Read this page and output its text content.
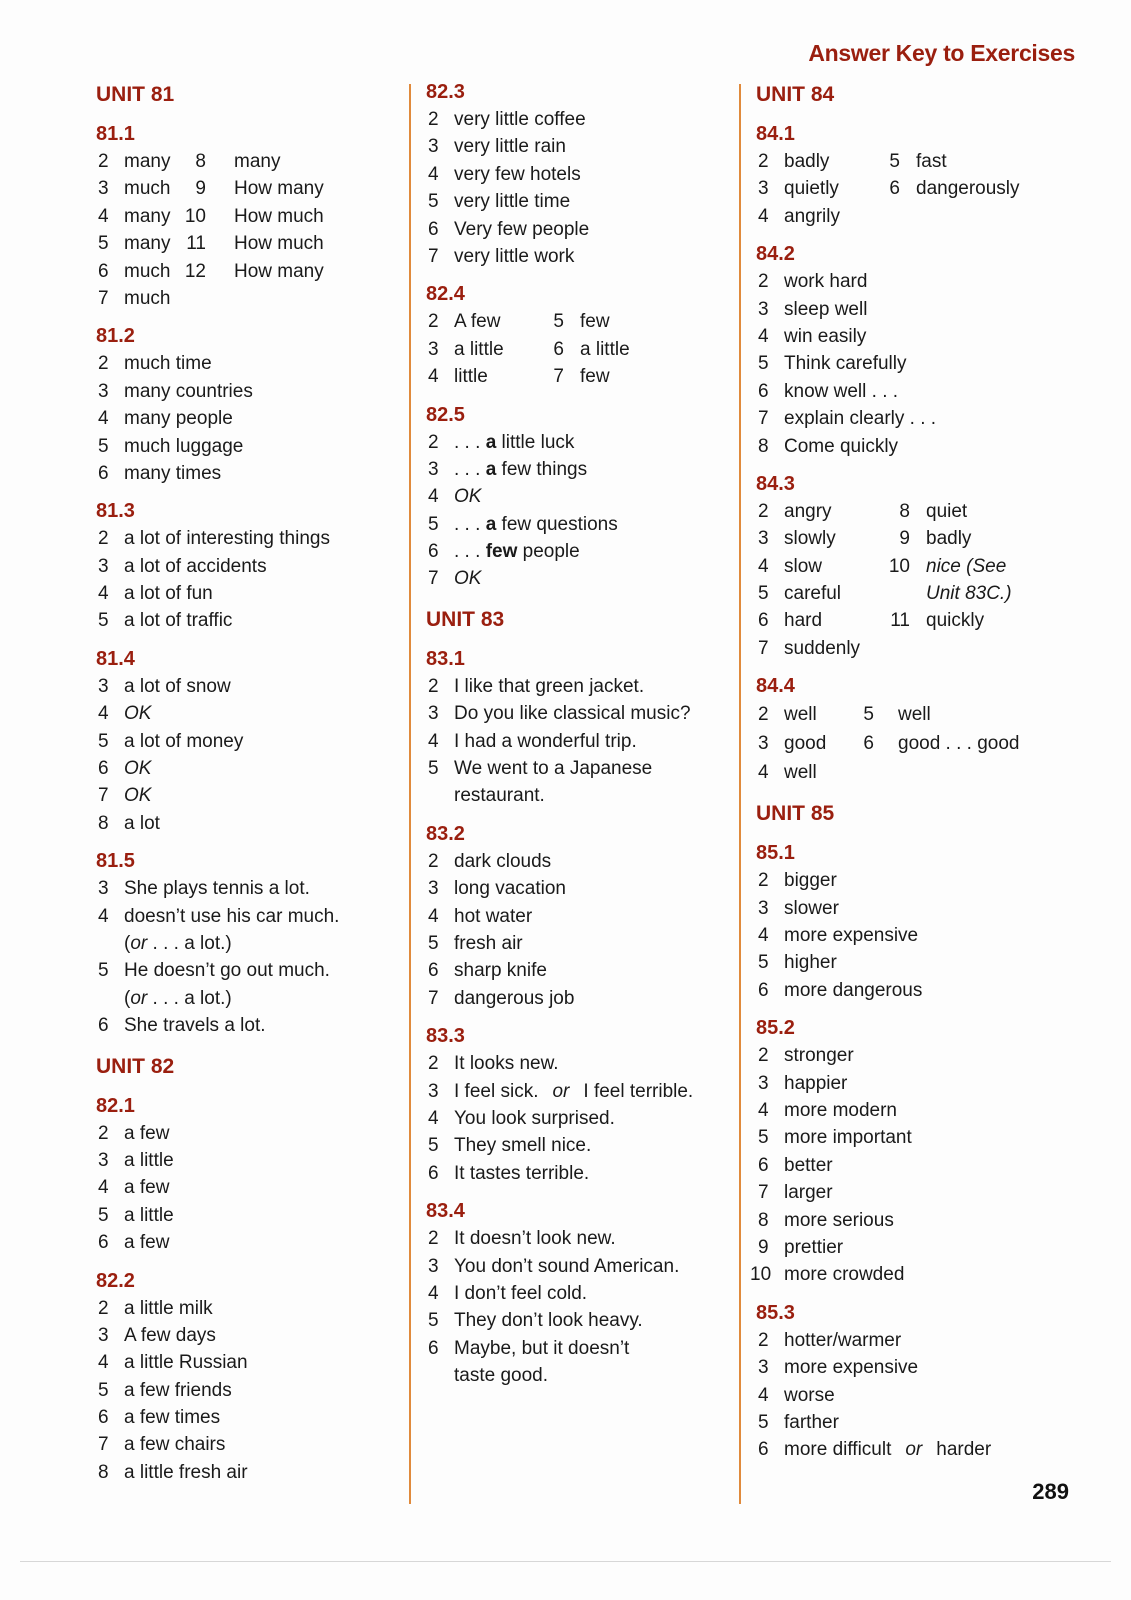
Answer Key to Exercises
UNIT 81
81.1
2 many	8 many
3 much	9 How many
4 many 10 How much
5 many 11 How much
6 much 12 How many
7 much
81.2
2 much time
3 many countries
4 many people
5 much luggage
6 many times
81.3
2 a lot of interesting things
3 a lot of accidents
4 a lot of fun
5 a lot of traffic
81.4
3 a lot of snow
4 OK
5 a lot of money
6 OK
7 OK
8 a lot
81.5
3 She plays tennis a lot.
4 doesn’t use his car much.
(or . . . a lot.)
5 He doesn’t go out much.
(or . . . a lot.)
6 She travels a lot.
UNIT 82
82.1
2 a few
3 a little
4 a few
5 a little
6 a few
82.2
2 a little milk
3 A few days
4 a little Russian
5 a few friends
6 a few times
7 a few chairs
8 a little fresh air
82.3
2 very little coffee
3 very little rain
4 very few hotels
5 very little time
6 Very few people
7 very little work
82.4
2 A few	5 few
3 a little	6 a little
4 little	7 few
82.5
2 . . . a little luck
3 . . . a few things
4 OK
5 . . . a few questions
6 . . . few people
7 OK
UNIT 83
83.1
2 I like that green jacket.
3 Do you like classical music?
4 I had a wonderful trip.
5 We went to a Japanese
restaurant.
83.2
2 dark clouds
3 long vacation
4 hot water
5 fresh air
6 sharp knife
7 dangerous job
83.3
2 It looks new.
3 I feel sick. or I feel terrible.
4 You look surprised.
5 They smell nice.
6 It tastes terrible.
83.4
2 It doesn’t look new.
3 You don’t sound American.
4 I don’t feel cold.
5 They don’t look heavy.
6 Maybe, but it doesn’t
taste good.
UNIT 84
84.1
2 badly	5 fast
3 quietly	6 dangerously
4 angrily
84.2
2 work hard
3 sleep well
4 win easily
5 Think carefully
6 know well . . .
7 explain clearly . . .
8 Come quickly
84.3
2 angry	8 quiet
3 slowly	9 badly
4 slow	10 nice (See
5 careful	Unit 83C.)
6 hard	11 quickly
7 suddenly
84.4
2 well	5 well
3 good	6 good . . . good
4 well
UNIT 85
85.1
2 bigger
3 slower
4 more expensive
5 higher
6 more dangerous
85.2
2 stronger
3 happier
4 more modern
5 more important
6 better
7 larger
8 more serious
9 prettier
10 more crowded
85.3
2 hotter/warmer
3 more expensive
4 worse
5 farther
6 more difficult or harder
289
